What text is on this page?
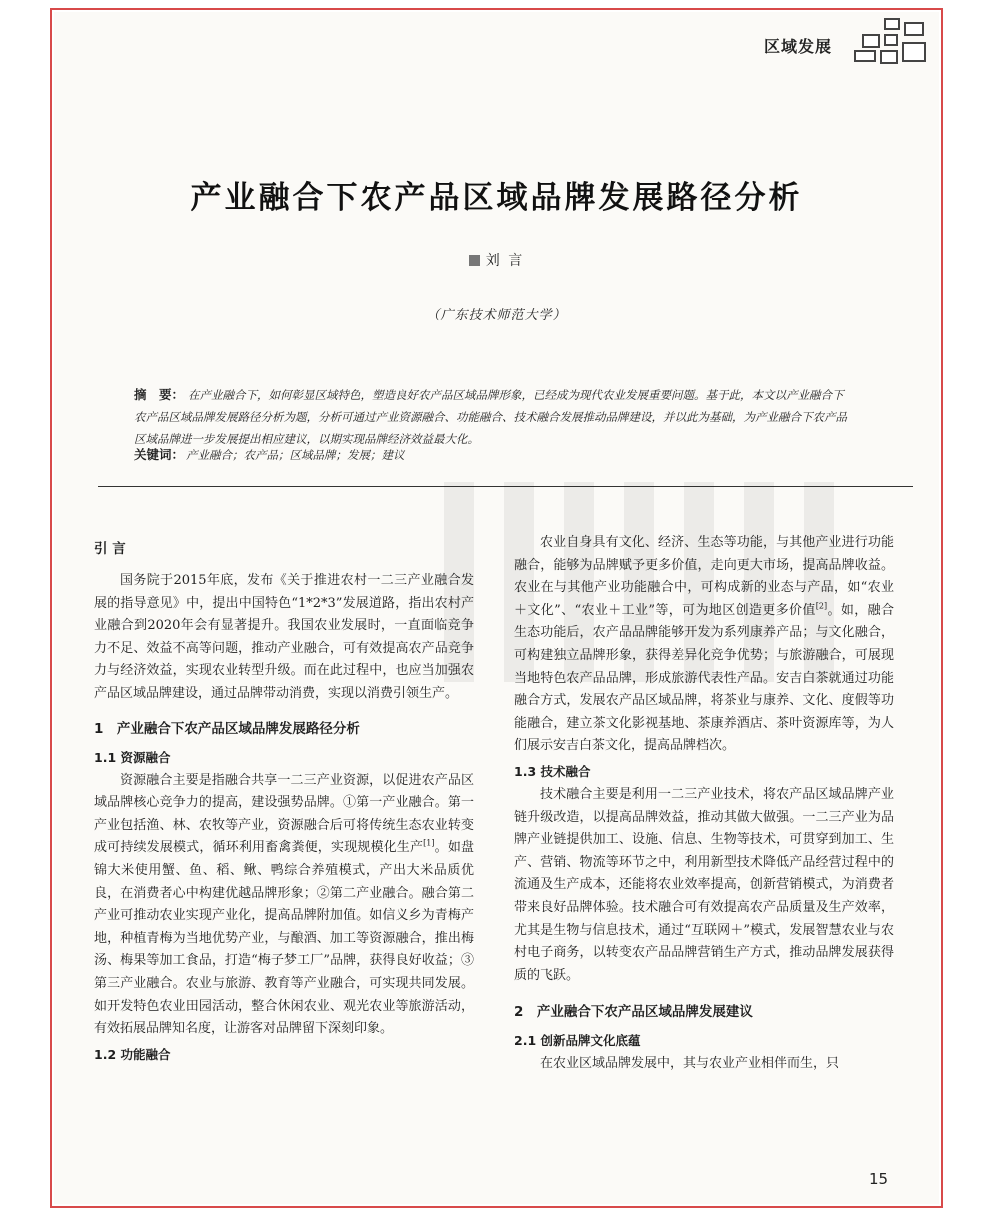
区域发展
产业融合下农产品区域品牌发展路径分析
刘 言
（广东技术师范大学）
摘　要： 在产业融合下，如何彰显区域特色，塑造良好农产品区域品牌形象，已经成为现代农业发展重要问题。基于此，本文以产业融合下农产品区域品牌发展路径分析为题，分析可通过产业资源融合、功能融合、技术融合发展推动品牌建设，并以此为基础，为产业融合下农产品区域品牌进一步发展提出相应建议，以期实现品牌经济效益最大化。
关键词： 产业融合；农产品；区域品牌；发展；建议
引 言

国务院于2015年底，发布《关于推进农村一二三产业融合发展的指导意见》中，提出中国特色“1*2*3”发展道路，指出农村产业融合到2020年会有显著提升。我国农业发展时，一直面临竞争力不足、效益不高等问题，推动产业融合，可有效提高农产品竞争力与经济效益，实现农业转型升级。而在此过程中，也应当加强农产品区域品牌建设，通过品牌带动消费，实现以消费引领生产。

1　产业融合下农产品区域品牌发展路径分析
1.1 资源融合

资源融合主要是指融合共享一二三产业资源，以促进农产品区域品牌核心竞争力的提高，建设强势品牌。①第一产业融合。第一产业包括渔、林、农牧等产业，资源融合后可将传统生态农业转变成可持续发展模式，循环利用畜禽粪便，实现规模化生产[1]。如盘锦大米使用蟹、鱼、稻、鳅、鸭综合养殖模式，产出大米品质优良，在消费者心中构建优越品牌形象；②第二产业融合。融合第二产业可推动农业实现产业化，提高品牌附加值。如信义乡为青梅产地，种植青梅为当地优势产业，与酿酒、加工等资源融合，推出梅汤、梅果等加工食品，打造“梅子梦工厂”品牌，获得良好收益；③第三产业融合。农业与旅游、教育等产业融合，可实现共同发展。如开发特色农业田园活动，整合休闲农业、观光农业等旅游活动，有效拓展品牌知名度，让游客对品牌留下深刻印象。

1.2 功能融合

农业自身具有文化、经济、生态等功能，与其他产业进行功能融合，能够为品牌赋予更多价值，走向更大市场，提高品牌收益。农业在与其他产业功能融合中，可构成新的业态与产品，如“农业＋文化”、“农业＋工业”等，可为地区创造更多价值[2]。如，融合生态功能后，农产品品牌能够开发为系列康养产品；与文化融合，可构建独立品牌形象，获得差异化竞争优势；与旅游融合，可展现当地特色农产品品牌，形成旅游代表性产品。安吉白茶就通过功能融合方式，发展农产品区域品牌，将茶业与康养、文化、度假等功能融合，建立茶文化影视基地、茶康养酒店、茶叶资源库等，为人们展示安吉白茶文化，提高品牌档次。

1.3 技术融合

技术融合主要是利用一二三产业技术，将农产品区域品牌产业链升级改造，以提高品牌效益，推动其做大做强。一二三产业为品牌产业链提供加工、设施、信息、生物等技术，可贯穿到加工、生产、营销、物流等环节之中，利用新型技术降低产品经营过程中的流通及生产成本，还能将农业效率提高，创新营销模式，为消费者带来良好品牌体验。技术融合可有效提高农产品质量及生产效率，尤其是生物与信息技术，通过“互联网＋”模式，发展智慧农业与农村电子商务，以转变农产品品牌营销生产方式，推动品牌发展获得质的飞跃。

2　产业融合下农产品区域品牌发展建议
2.1 创新品牌文化底蕴

在农业区域品牌发展中，其与农业产业相伴而生，只

15
